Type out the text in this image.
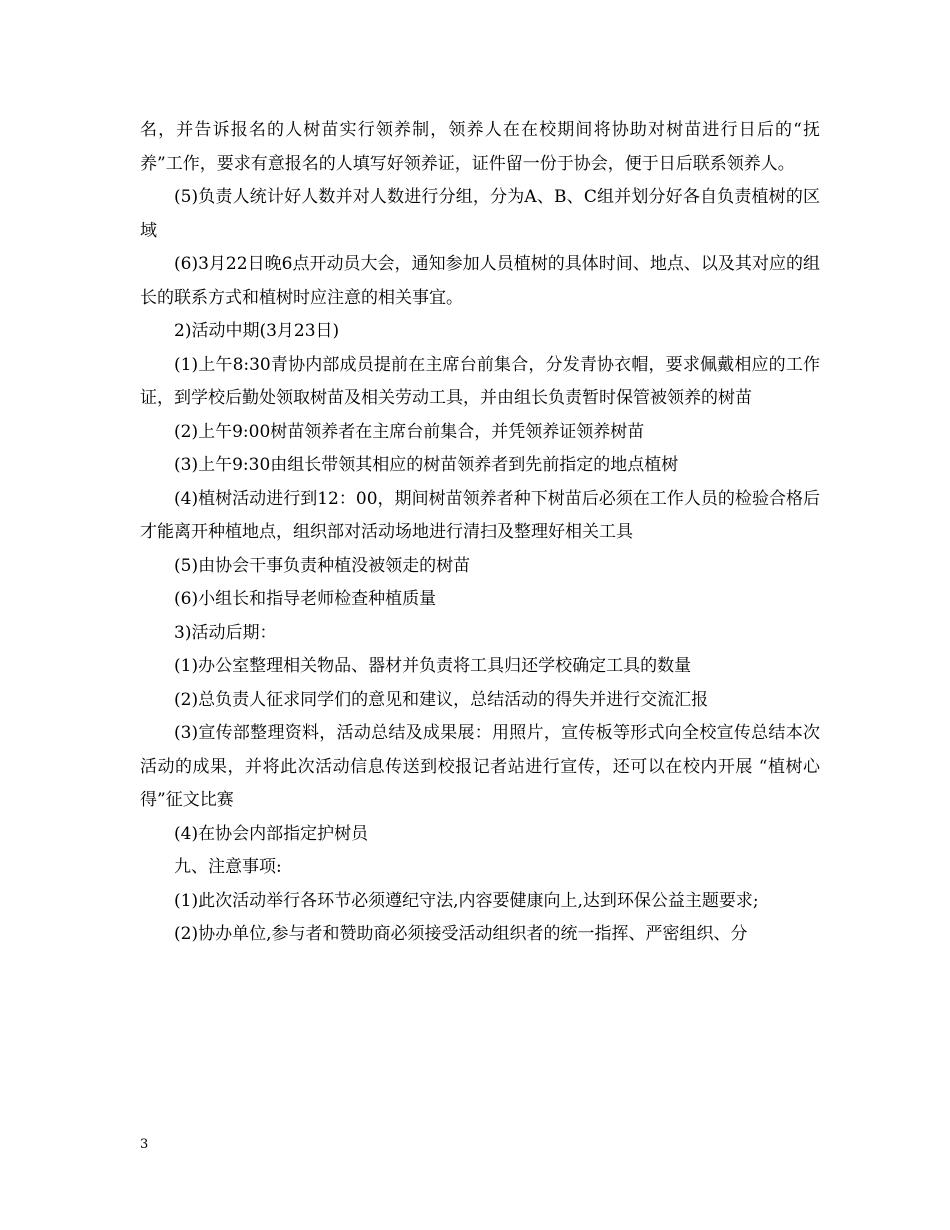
名，并告诉报名的人树苗实行领养制，领养人在在校期间将协助对树苗进行日后的“抚养”工作，要求有意报名的人填写好领养证，证件留一份于协会，便于日后联系领养人。

(5)负责人统计好人数并对人数进行分组，分为A、B、C组并划分好各自负责植树的区域

(6)3月22日晚6点开动员大会，通知参加人员植树的具体时间、地点、以及其对应的组长的联系方式和植树时应注意的相关事宜。

2)活动中期(3月23日)

(1)上午8:30青协内部成员提前在主席台前集合，分发青协衣帽，要求佩戴相应的工作证，到学校后勤处领取树苗及相关劳动工具，并由组长负责暂时保管被领养的树苗

(2)上午9:00树苗领养者在主席台前集合，并凭领养证领养树苗

(3)上午9:30由组长带领其相应的树苗领养者到先前指定的地点植树

(4)植树活动进行到12：00，期间树苗领养者种下树苗后必须在工作人员的检验合格后才能离开种植地点，组织部对活动场地进行清扫及整理好相关工具

(5)由协会干事负责种植没被领走的树苗

(6)小组长和指导老师检查种植质量

3)活动后期：

(1)办公室整理相关物品、器材并负责将工具归还学校确定工具的数量

(2)总负责人征求同学们的意见和建议，总结活动的得失并进行交流汇报

(3)宣传部整理资料，活动总结及成果展：用照片，宣传板等形式向全校宣传总结本次活动的成果，并将此次活动信息传送到校报记者站进行宣传，还可以在校内开展 “植树心得”征文比赛

(4)在协会内部指定护树员

九、注意事项:

(1)此次活动举行各环节必须遵纪守法,内容要健康向上,达到环保公益主题要求;

(2)协办单位,参与者和赞助商必须接受活动组织者的统一指挥、严密组织、分

3
